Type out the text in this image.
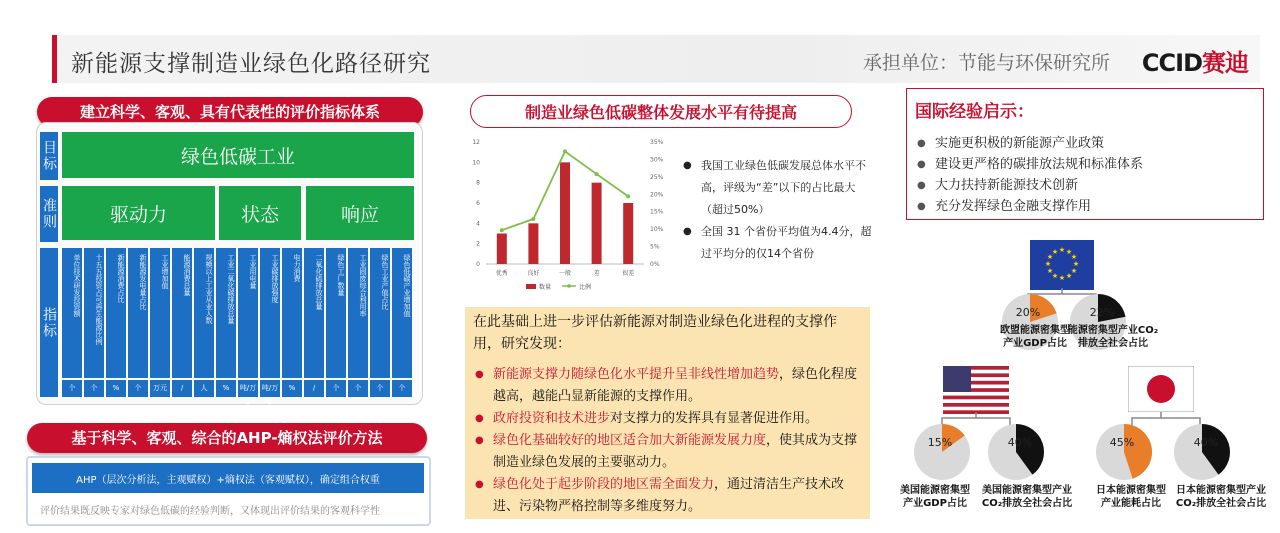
新能源支撑制造业绿色化路径研究	承担单位：节能与环保研究所 CCID赛迪
建立科学、客观、具有代表性的评价指标体系
目标	绿色低碳工业
准则	驱动力	状态	响应
指标
单位技术研发投资额
个
十五五投资占可再生能源比例
个
新能源消费占比
%
新能源发电量占比
个
工业增加值
万元
能源消费总量
/
规模以上工业从业人数
人
工业二氧化碳排放总量
%
工业用电量
吨/万元
工业碳排放强度
吨/万元
电力消费
%
二氧化硫排放总量
/
绿色工厂数量
个
工业固废综合利用率
个
绿色工业产值占比
个
绿色低碳产业增加值
个
基于科学、客观、综合的AHP-熵权法评价方法
AHP（层次分析法，主观赋权）+熵权法（客观赋权），确定组合权重
评价结果既反映专家对绿色低碳的经验判断，又体现出评价结果的客观科学性
制造业绿色低碳整体发展水平有待提高
0
2
4
6
8
10
12
0%
5%
10%
15%
20%
25%
30%
35%
优秀	良好	一般	差	很差
数量	比例
● 我国工业绿色低碳发展总体水平不高，评级为“差”以下的占比最大（超过50%）
● 全国 31 个省份平均值为4.4分，超过平均分的仅14个省份
在此基础上进一步评估新能源对制造业绿色化进程的支撑作用，研究发现：
● 新能源支撑力随绿色化水平提升呈非线性增加趋势，绿色化程度越高，越能凸显新能源的支撑作用。
● 政府投资和技术进步对支撑力的发挥具有显著促进作用。
● 绿色化基础较好的地区适合加大新能源发展力度，使其成为支撑制造业绿色发展的主要驱动力。
● 绿色化处于起步阶段的地区需全面发力，通过清洁生产技术改进、污染物严格控制等多维度努力。
国际经验启示：
● 实施更积极的新能源产业政策
● 建设更严格的碳排放法规和标准体系
● 大力扶持新能源技术创新
● 充分发挥绿色金融支撑作用
★ ★
★
★
★
★
★
★
★
★
★
★
20%
欧盟能源密集型
产业GDP占比
22%
能源密集型产业CO₂
排放全社会占比
15%
美国能源密集型
产业GDP占比
40%
美国能源密集型产业
CO₂排放全社会占比
45%
日本能源密集型
产业能耗占比
40%
日本能源密集型产业
CO₂排放全社会占比
